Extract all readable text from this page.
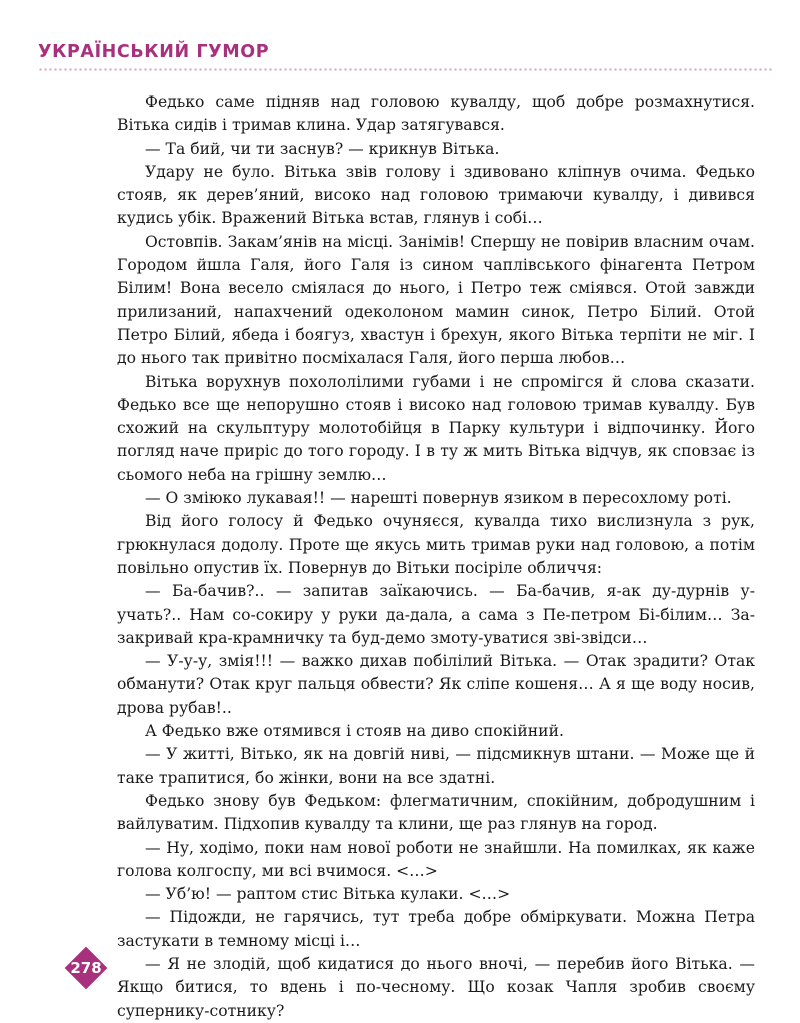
УКРАЇНСЬКИЙ ГУМОР

Федько саме підняв над головою кувалду, щоб добре розмахнутися. Вітька сидів і тримав клина. Удар затягувався.

— Та бий, чи ти заснув? — крикнув Вітька.

Удару не було. Вітька звів голову і здивовано кліпнув очима. Федько стояв, як дерев’яний, високо над головою тримаючи кувалду, і дивився кудись убік. Вражений Вітька встав, глянув і собі…

Остовпів. Закам’янів на місці. Занімів! Спершу не повірив власним очам. Городом йшла Галя, його Галя із сином чаплівського фінагента Петром Білим! Вона весело сміялася до нього, і Петро теж сміявся. Отой завжди прилизаний, напахчений одеколоном мамин синок, Петро Білий. Отой Петро Білий, ябеда і боягуз, хвастун і брехун, якого Вітька терпіти не міг. І до нього так привітно посміхалася Галя, його перша любов…

Вітька ворухнув похололілими губами і не спромігся й слова сказати. Федько все ще непорушно стояв і високо над головою тримав кувалду. Був схожий на скульптуру молотобійця в Парку культури і відпочинку. Його погляд наче приріс до того городу. І в ту ж мить Вітька відчув, як сповзає із сьомого неба на грішну землю…

— О зміюко лукавая!! — нарешті повернув язиком в пересохлому роті.

Від його голосу й Федько очуняєся, кувалда тихо вислизнула з рук, грюкнулася додолу. Проте ще якусь мить тримав руки над головою, а потім повільно опустив їх. Повернув до Вітьки посіріле обличчя:

— Ба-бачив?.. — запитав заїкаючись. — Ба-бачив, я-ак ду-дурнів у-учать?.. Нам со-сокиру у руки да-дала, а сама з Пе-петром Бі-білим… За-закривай кра-крамничку та буд-демо змоту-уватися звi-звідси…

— У-у-у, змія!!! — важко дихав побілілий Вітька. — Отак зрадити? Отак обманути? Отак круг пальця обвести? Як сліпе кошеня… А я ще воду носив, дрова рубав!..

А Федько вже отямився і стояв на диво спокійний.

— У житті, Вітько, як на довгій ниві, — підсмикнув штани. — Може ще й таке трапитися, бо жінки, вони на все здатні.

Федько знову був Федьком: флегматичним, спокійним, добродушним і вайлуватим. Підхопив кувалду та клини, ще раз глянув на город.

— Ну, ходімо, поки нам нової роботи не знайшли. На помилках, як каже голова колгоспу, ми всі вчимося. <…>

— Уб’ю! — раптом стис Вітька кулаки. <…>

— Підожди, не гарячись, тут треба добре обміркувати. Можна Петра застукати в темному місці і…

— Я не злодій, щоб кидатися до нього вночі, — перебив його Вітька. — Якщо битися, то вдень і по-чесному. Що козак Чапля зробив своєму супернику-сотнику?

278
